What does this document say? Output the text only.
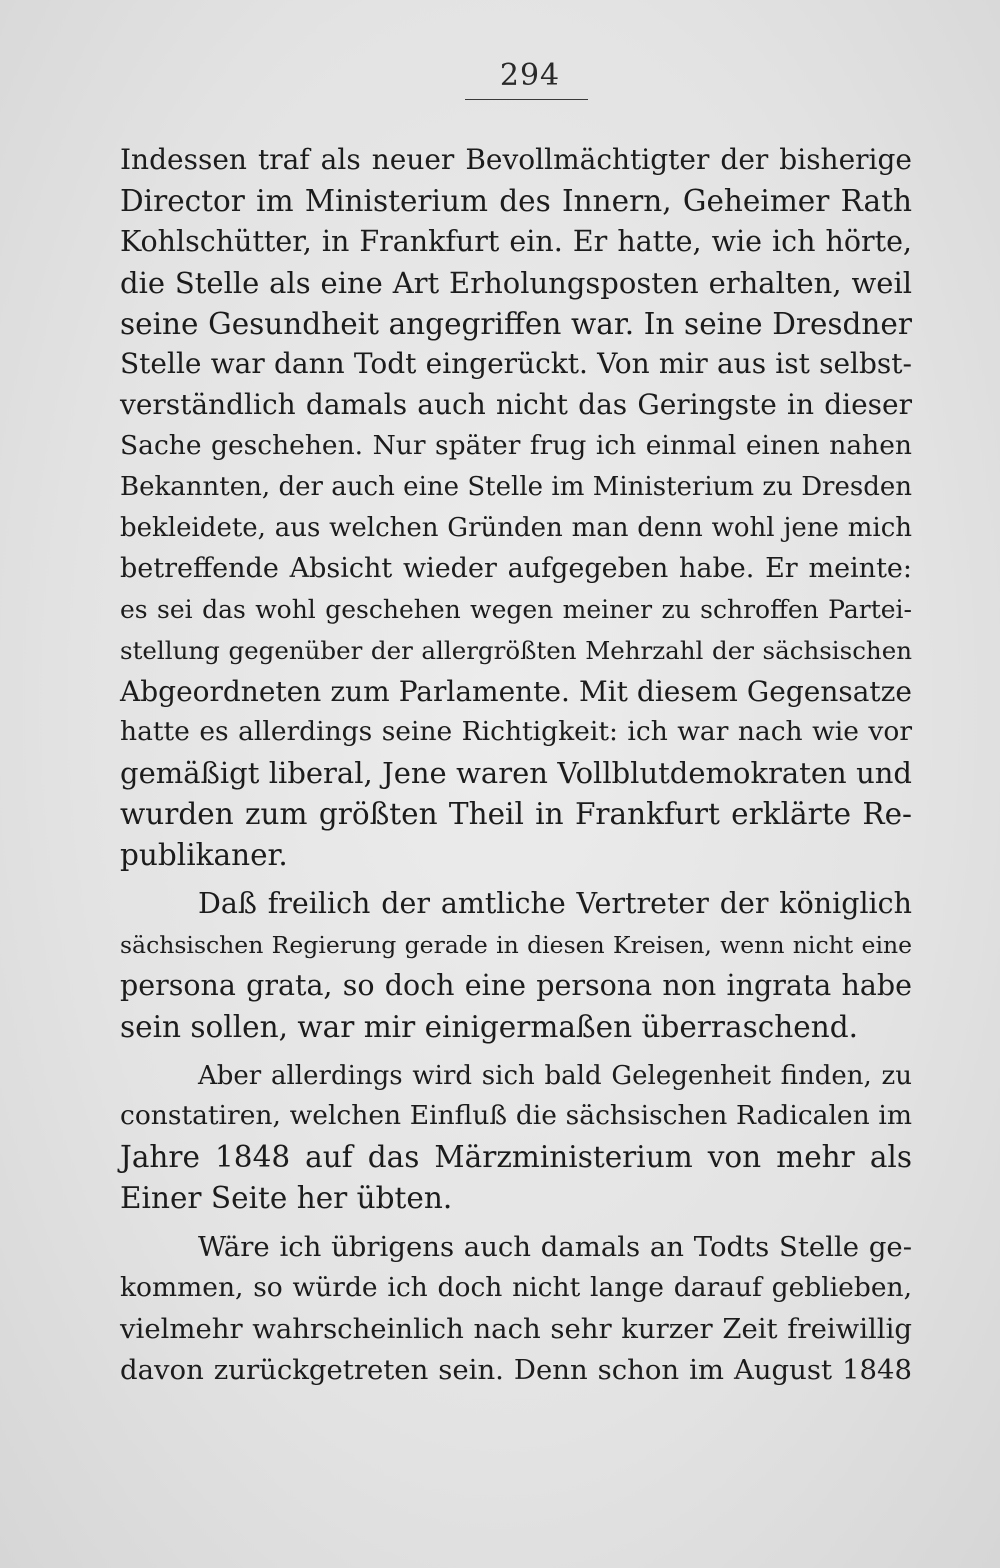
294
Indessen traf als neuer Bevollmächtigter der bisherige
Director im Ministerium des Innern, Geheimer Rath
Kohlschütter, in Frankfurt ein. Er hatte, wie ich hörte,
die Stelle als eine Art Erholungsposten erhalten, weil
seine Gesundheit angegriffen war. In seine Dresdner
Stelle war dann Todt eingerückt. Von mir aus ist selbst-
verständlich damals auch nicht das Geringste in dieser
Sache geschehen. Nur später frug ich einmal einen nahen
Bekannten, der auch eine Stelle im Ministerium zu Dresden
bekleidete, aus welchen Gründen man denn wohl jene mich
betreffende Absicht wieder aufgegeben habe. Er meinte:
es sei das wohl geschehen wegen meiner zu schroffen Partei-
stellung gegenüber der allergrößten Mehrzahl der sächsischen
Abgeordneten zum Parlamente. Mit diesem Gegensatze
hatte es allerdings seine Richtigkeit: ich war nach wie vor
gemäßigt liberal, Jene waren Vollblutdemokraten und
wurden zum größten Theil in Frankfurt erklärte Re-
publikaner.
Daß freilich der amtliche Vertreter der königlich
sächsischen Regierung gerade in diesen Kreisen, wenn nicht eine
persona grata, so doch eine persona non ingrata habe
sein sollen, war mir einigermaßen überraschend.
Aber allerdings wird sich bald Gelegenheit finden, zu
constatiren, welchen Einfluß die sächsischen Radicalen im
Jahre 1848 auf das Märzministerium von mehr als
Einer Seite her übten.
Wäre ich übrigens auch damals an Todts Stelle ge-
kommen, so würde ich doch nicht lange darauf geblieben,
vielmehr wahrscheinlich nach sehr kurzer Zeit freiwillig
davon zurückgetreten sein. Denn schon im August 1848
